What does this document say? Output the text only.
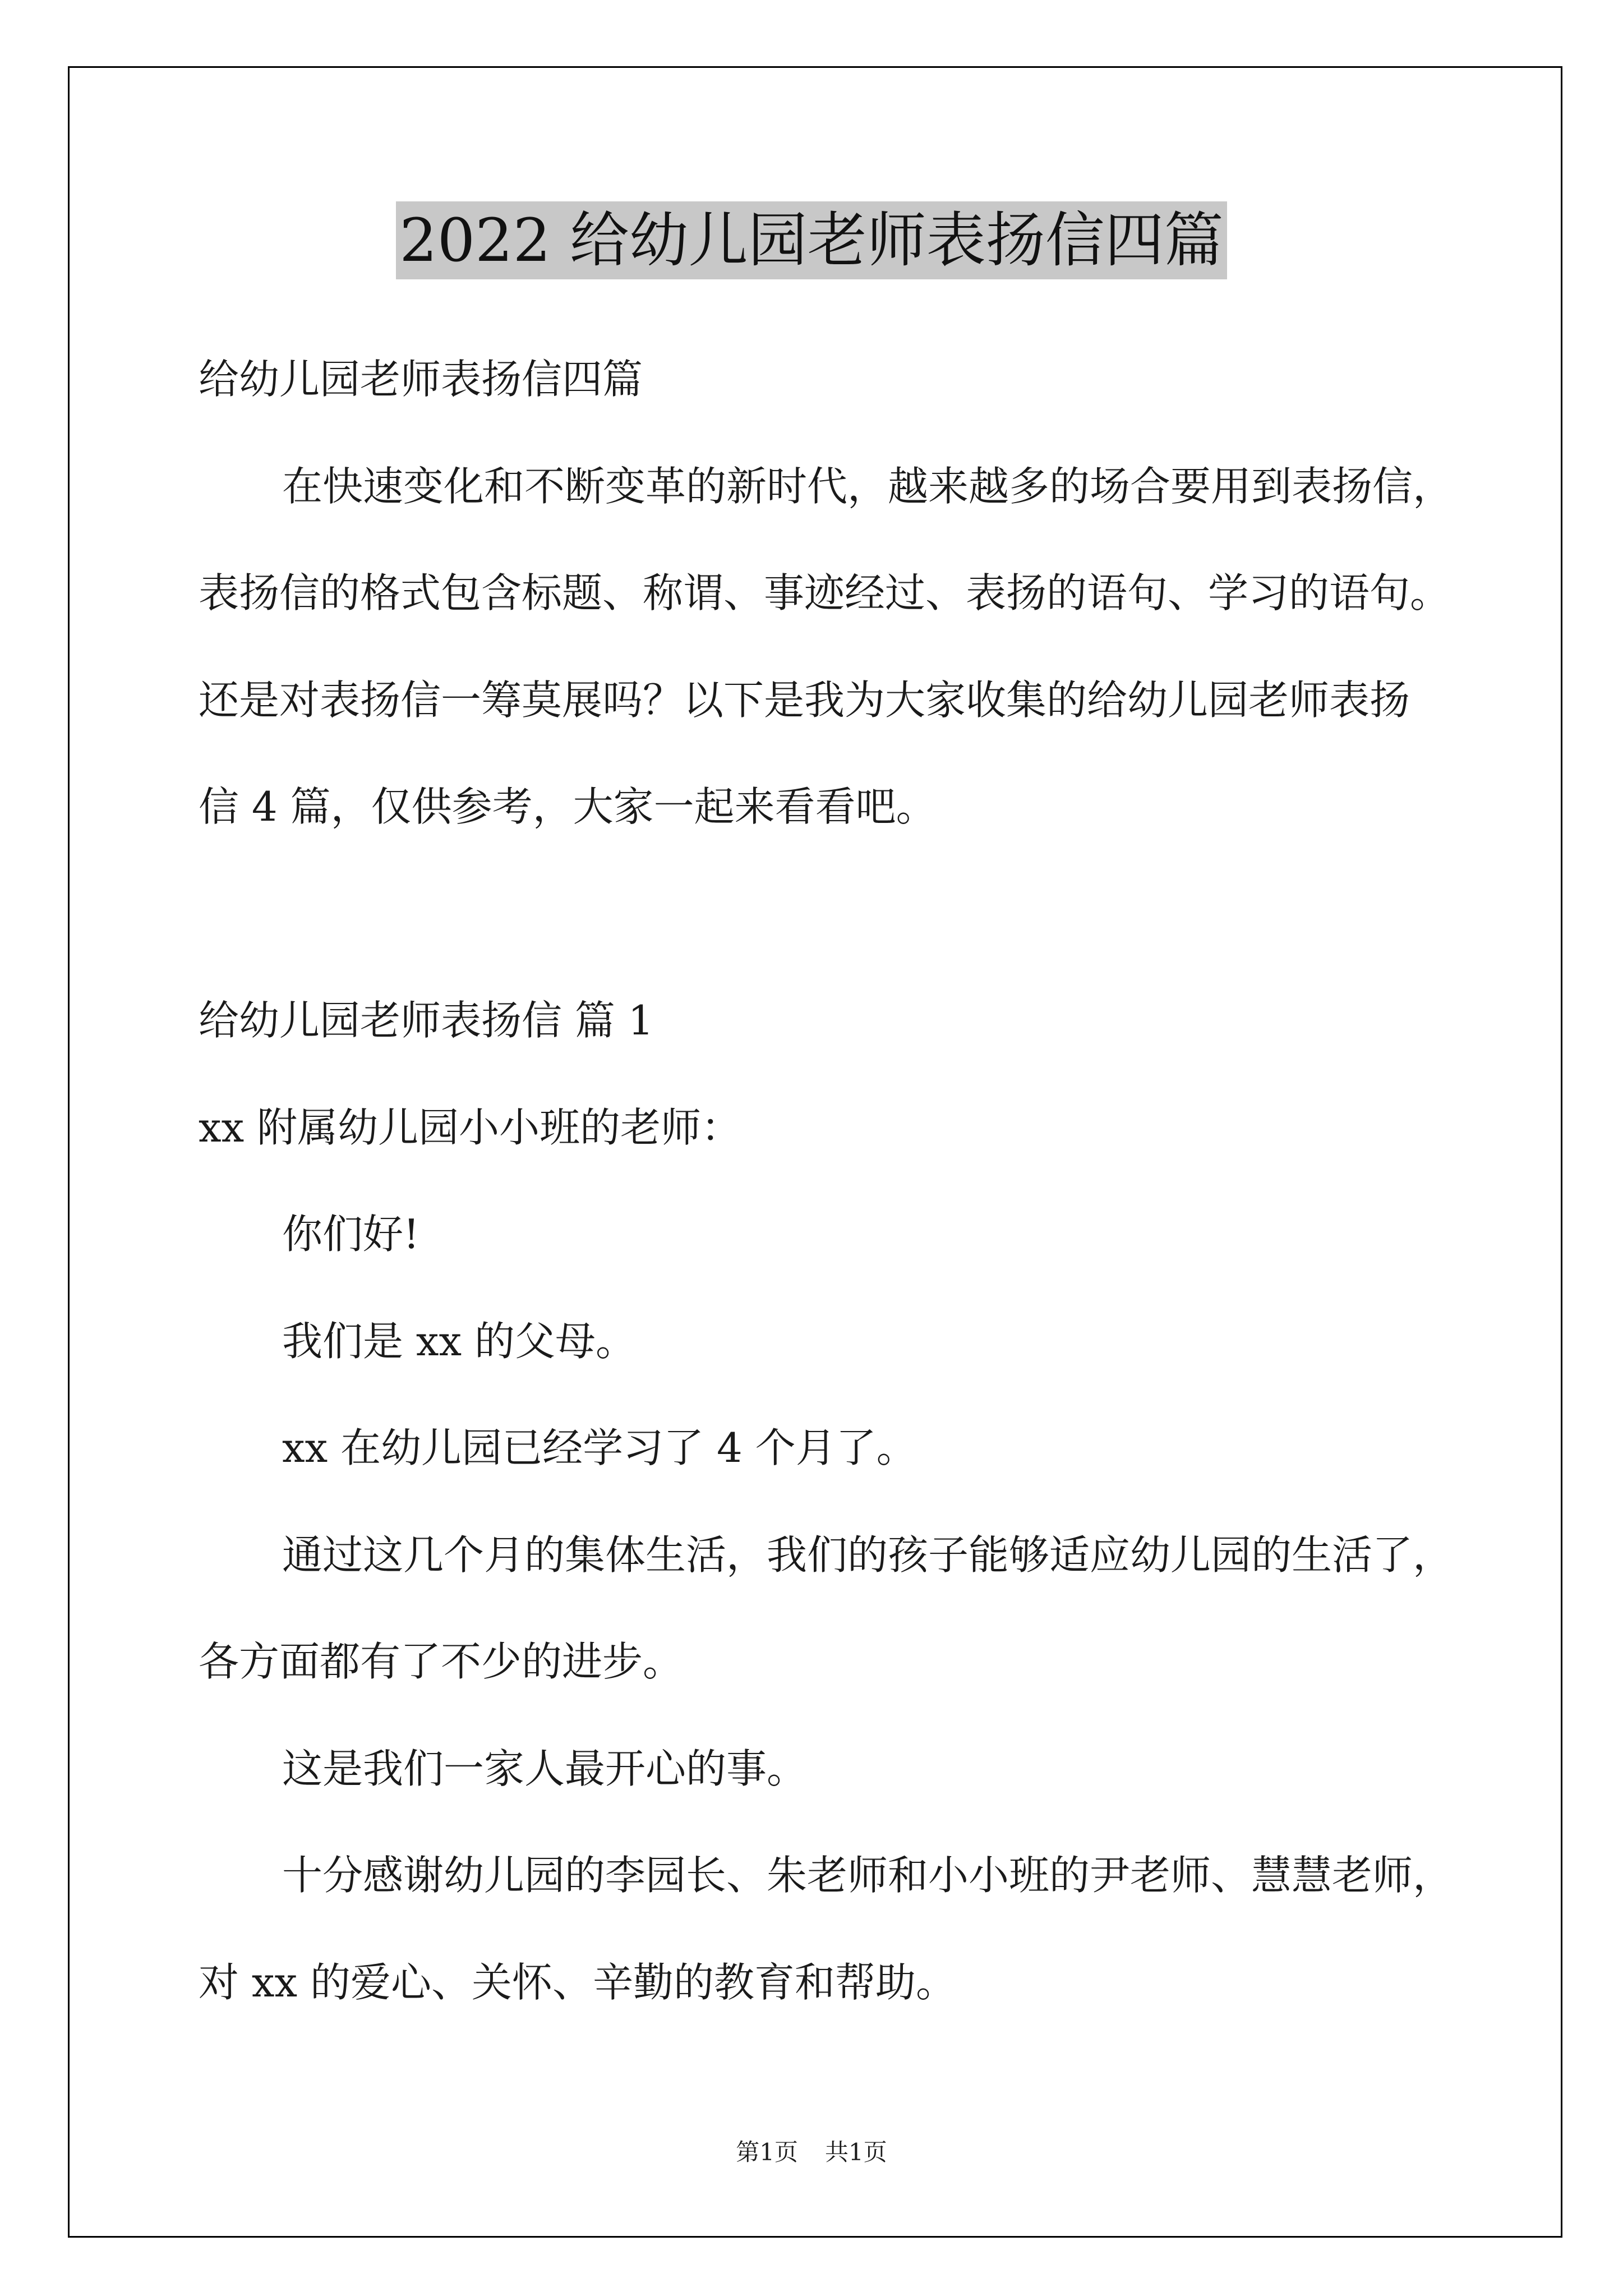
2022 给幼儿园老师表扬信四篇
给幼儿园老师表扬信四篇
在快速变化和不断变革的新时代，越来越多的场合要用到表扬信，
表扬信的格式包含标题、称谓、事迹经过、表扬的语句、学习的语句。
还是对表扬信一筹莫展吗？以下是我为大家收集的给幼儿园老师表扬
信 4 篇，仅供参考，大家一起来看看吧。
给幼儿园老师表扬信 篇 1
xx 附属幼儿园小小班的老师：
你们好!
我们是 xx 的父母。
xx 在幼儿园已经学习了 4 个月了。
通过这几个月的集体生活，我们的孩子能够适应幼儿园的生活了，
各方面都有了不少的进步。
这是我们一家人最开心的事。
十分感谢幼儿园的李园长、朱老师和小小班的尹老师、慧慧老师，
对 xx 的爱心、关怀、辛勤的教育和帮助。
第1页 共1页
